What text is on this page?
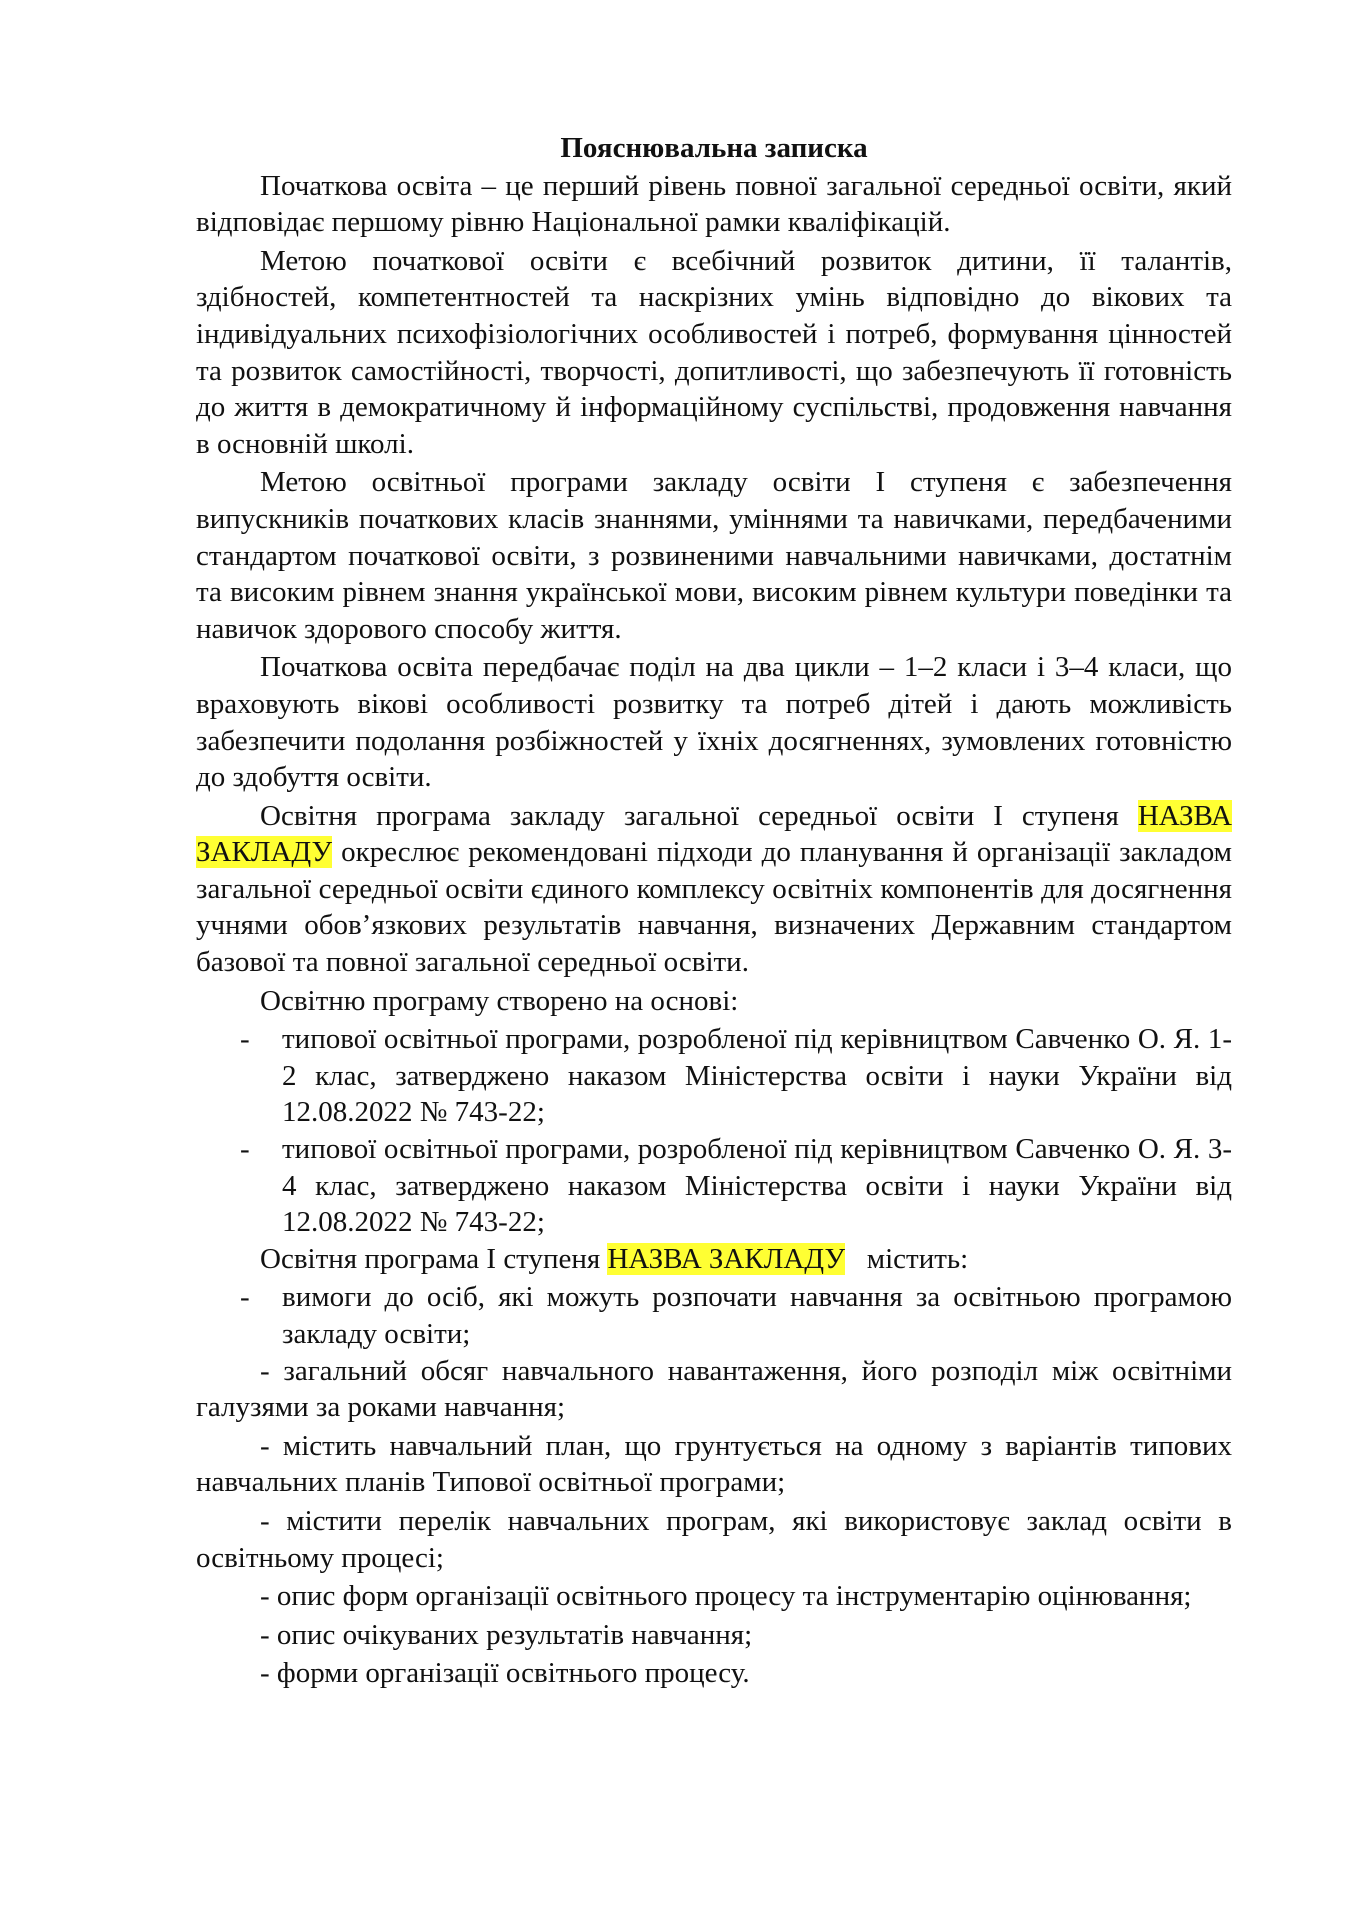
Пояснювальна записка

Початкова освіта – це перший рівень повної загальної середньої освіти, який відповідає першому рівню Національної рамки кваліфікацій.

Метою початкової освіти є всебічний розвиток дитини, її талантів, здібностей, компетентностей та наскрізних умінь відповідно до вікових та індивідуальних психофізіологічних особливостей і потреб, формування цінностей та розвиток самостійності, творчості, допитливості, що забезпечують її готовність до життя в демократичному й інформаційному суспільстві, продовження навчання в основній школі.

Метою освітньої програми закладу освіти І ступеня є забезпечення випускників початкових класів знаннями, уміннями та навичками, передбаченими стандартом початкової освіти, з розвиненими навчальними навичками, достатнім та високим рівнем знання української мови, високим рівнем культури поведінки та навичок здорового способу життя.

Початкова освіта передбачає поділ на два цикли – 1–2 класи і 3–4 класи, що враховують вікові особливості розвитку та потреб дітей і дають можливість забезпечити подолання розбіжностей у їхніх досягненнях, зумовлених готовністю до здобуття освіти.

Освітня програма закладу загальної середньої освіти І ступеня НАЗВА ЗАКЛАДУ окреслює рекомендовані підходи до планування й організації закладом загальної середньої освіти єдиного комплексу освітніх компонентів для досягнення учнями обов’язкових результатів навчання, визначених Державним стандартом базової та повної загальної середньої освіти.

Освітню програму створено на основі:

- типової освітньої програми, розробленої під керівництвом Савченко О. Я. 1-2 клас, затверджено наказом Міністерства освіти і науки України від 12.08.2022 № 743-22;
- типової освітньої програми, розробленої під керівництвом Савченко О. Я. 3-4 клас, затверджено наказом Міністерства освіти і науки України від 12.08.2022 № 743-22;

Освітня програма І ступеня НАЗВА ЗАКЛАДУ містить:

- вимоги до осіб, які можуть розпочати навчання за освітньою програмою закладу освіти;

- загальний обсяг навчального навантаження, його розподіл між освітніми галузями за роками навчання;

- містить навчальний план, що грунтується на одному з варіантів типових навчальних планів Типової освітньої програми;

- містити перелік навчальних програм, які використовує заклад освіти в освітньому процесі;

- опис форм організації освітнього процесу та інструментарію оцінювання;

- опис очікуваних результатів навчання;

- форми організації освітнього процесу.
